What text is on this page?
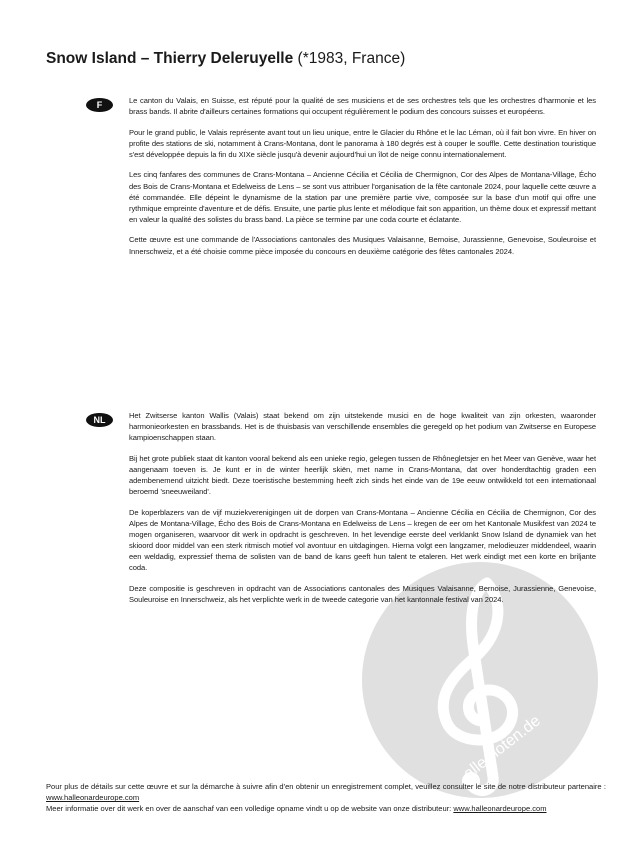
alle-noten.de
Snow Island – Thierry Deleruyelle (*1983, France)
F	Le canton du Valais, en Suisse, est réputé pour la qualité de ses musiciens et de ses orchestres tels que les orchestres d'harmonie et les brass bands. Il abrite d'ailleurs certaines formations qui occupent régulièrement le podium des concours suisses et européens.

Pour le grand public, le Valais représente avant tout un lieu unique, entre le Glacier du Rhône et le lac Léman, où il fait bon vivre. En hiver on profite des stations de ski, notamment à Crans-Montana, dont le panorama à 180 degrés est à couper le souffle. Cette destination touristique s'est développée depuis la fin du XIXe siècle jusqu'à devenir aujourd'hui un îlot de neige connu internationalement.

Les cinq fanfares des communes de Crans-Montana – Ancienne Cécilia et Cécilia de Chermignon, Cor des Alpes de Montana-Village, Écho des Bois de Crans-Montana et Edelweiss de Lens – se sont vus attribuer l'organisation de la fête cantonale 2024, pour laquelle cette œuvre a été commandée. Elle dépeint le dynamisme de la station par une première partie vive, composée sur la base d'un motif qui offre une rythmique empreinte d'aventure et de défis. Ensuite, une partie plus lente et mélodique fait son apparition, un thème doux et expressif mettant en valeur la qualité des solistes du brass band. La pièce se termine par une coda courte et éclatante.

Cette œuvre est une commande de l'Associations cantonales des Musiques Valaisanne, Bernoise, Jurassienne, Genevoise, Souleuroise et Innerschweiz, et a été choisie comme pièce imposée du concours en deuxième catégorie des fêtes cantonales 2024.

NL	Het Zwitserse kanton Wallis (Valais) staat bekend om zijn uitstekende musici en de hoge kwaliteit van zijn orkesten, waaronder harmonieorkesten en brassbands. Het is de thuisbasis van verschillende ensembles die geregeld op het podium van Zwitserse en Europese kampioenschappen staan.

Bij het grote publiek staat dit kanton vooral bekend als een unieke regio, gelegen tussen de Rhônegletsjer en het Meer van Genève, waar het aangenaam toeven is. Je kunt er in de winter heerlijk skiën, met name in Crans-Montana, dat over honderdtachtig graden een adembenemend uitzicht biedt. Deze toeristische bestemming heeft zich sinds het einde van de 19e eeuw ontwikkeld tot een internationaal beroemd 'sneeuweiland'.

De koperblazers van de vijf muziekverenigingen uit de dorpen van Crans-Montana – Ancienne Cécilia en Cécilia de Chermignon, Cor des Alpes de Montana-Village, Écho des Bois de Crans-Montana en Edelweiss de Lens – kregen de eer om het Kantonale Musikfest van 2024 te mogen organiseren, waarvoor dit werk in opdracht is geschreven. In het levendige eerste deel verklankt Snow Island de dynamiek van het skioord door middel van een sterk ritmisch motief vol avontuur en uitdagingen. Hierna volgt een langzamer, melodieuzer middendeel, waarin een weldadig, expressief thema de solisten van de band de kans geeft hun talent te etaleren. Het werk eindigt met een korte en briljante coda.

Deze compositie is geschreven in opdracht van de Associations cantonales des Musiques Valaisanne, Bernoise, Jurassienne, Genevoise, Souleuroise en Innerschweiz, als het verplichte werk in de tweede categorie van het kantonnale festival van 2024.

Pour plus de détails sur cette œuvre et sur la démarche à suivre afin d'en obtenir un enregistrement complet, veuillez consulter le site de notre distributeur partenaire : www.halleonardeurope.com

Meer informatie over dit werk en over de aanschaf van een volledige opname vindt u op de website van onze distributeur: www.halleonardeurope.com
